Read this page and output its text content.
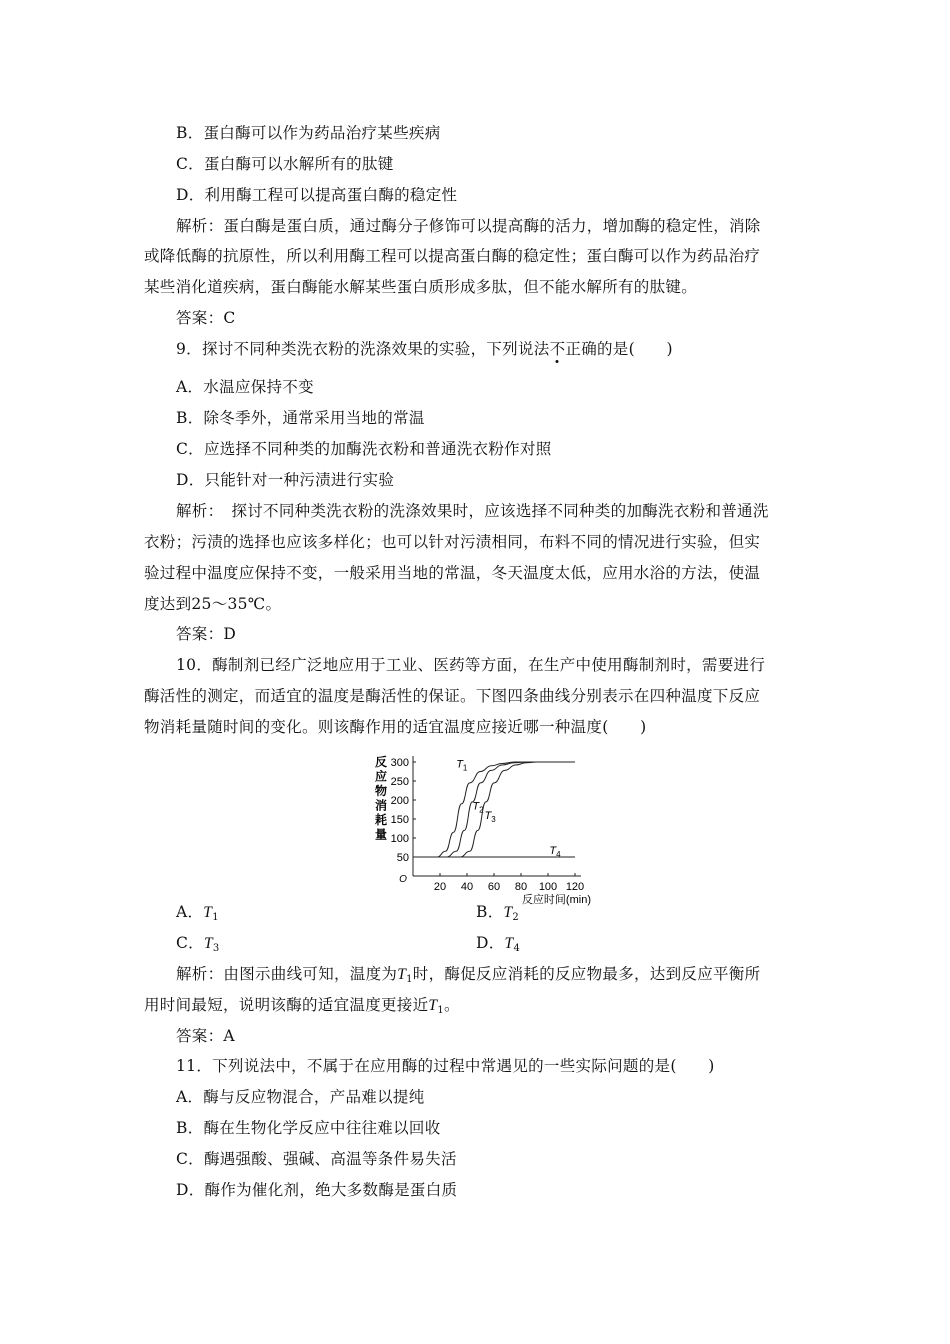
B．蛋白酶可以作为药品治疗某些疾病
C．蛋白酶可以水解所有的肽键
D．利用酶工程可以提高蛋白酶的稳定性
解析：蛋白酶是蛋白质，通过酶分子修饰可以提高酶的活力，增加酶的稳定性，消除
或降低酶的抗原性，所以利用酶工程可以提高蛋白酶的稳定性；蛋白酶可以作为药品治疗
某些消化道疾病，蛋白酶能水解某些蛋白质形成多肽，但不能水解所有的肽键。
答案：C
9．探讨不同种类洗衣粉的洗涤效果的实验，下列说法不正确的是(　　)
A．水温应保持不变
B．除冬季外，通常采用当地的常温
C．应选择不同种类的加酶洗衣粉和普通洗衣粉作对照
D．只能针对一种污渍进行实验
解析：　探讨不同种类洗衣粉的洗涤效果时，应该选择不同种类的加酶洗衣粉和普通洗
衣粉；污渍的选择也应该多样化；也可以针对污渍相同，布料不同的情况进行实验，但实
验过程中温度应保持不变，一般采用当地的常温，冬天温度太低，应用水浴的方法，使温
度达到25～35℃。
答案：D
10．酶制剂已经广泛地应用于工业、医药等方面，在生产中使用酶制剂时，需要进行
酶活性的测定，而适宜的温度是酶活性的保证。下图四条曲线分别表示在四种温度下反应
物消耗量随时间的变化。则该酶作用的适宜温度应接近哪一种温度(　　)
O
50
100
150
200
250
300
20 40 60 80 100 120
反应物消耗量
反应时间(min)
$T_1$
$T_2$ $T_3$
$T_4$
A．$T_1$	B．$T_2$
C．$T_3$	D．$T_4$
解析：由图示曲线可知，温度为$T_1$时，酶促反应消耗的反应物最多，达到反应平衡所
用时间最短，说明该酶的适宜温度更接近$T_1$。
答案：A
11．下列说法中，不属于在应用酶的过程中常遇见的一些实际问题的是(　　)
A．酶与反应物混合，产品难以提纯
B．酶在生物化学反应中往往难以回收
C．酶遇强酸、强碱、高温等条件易失活
D．酶作为催化剂，绝大多数酶是蛋白质
